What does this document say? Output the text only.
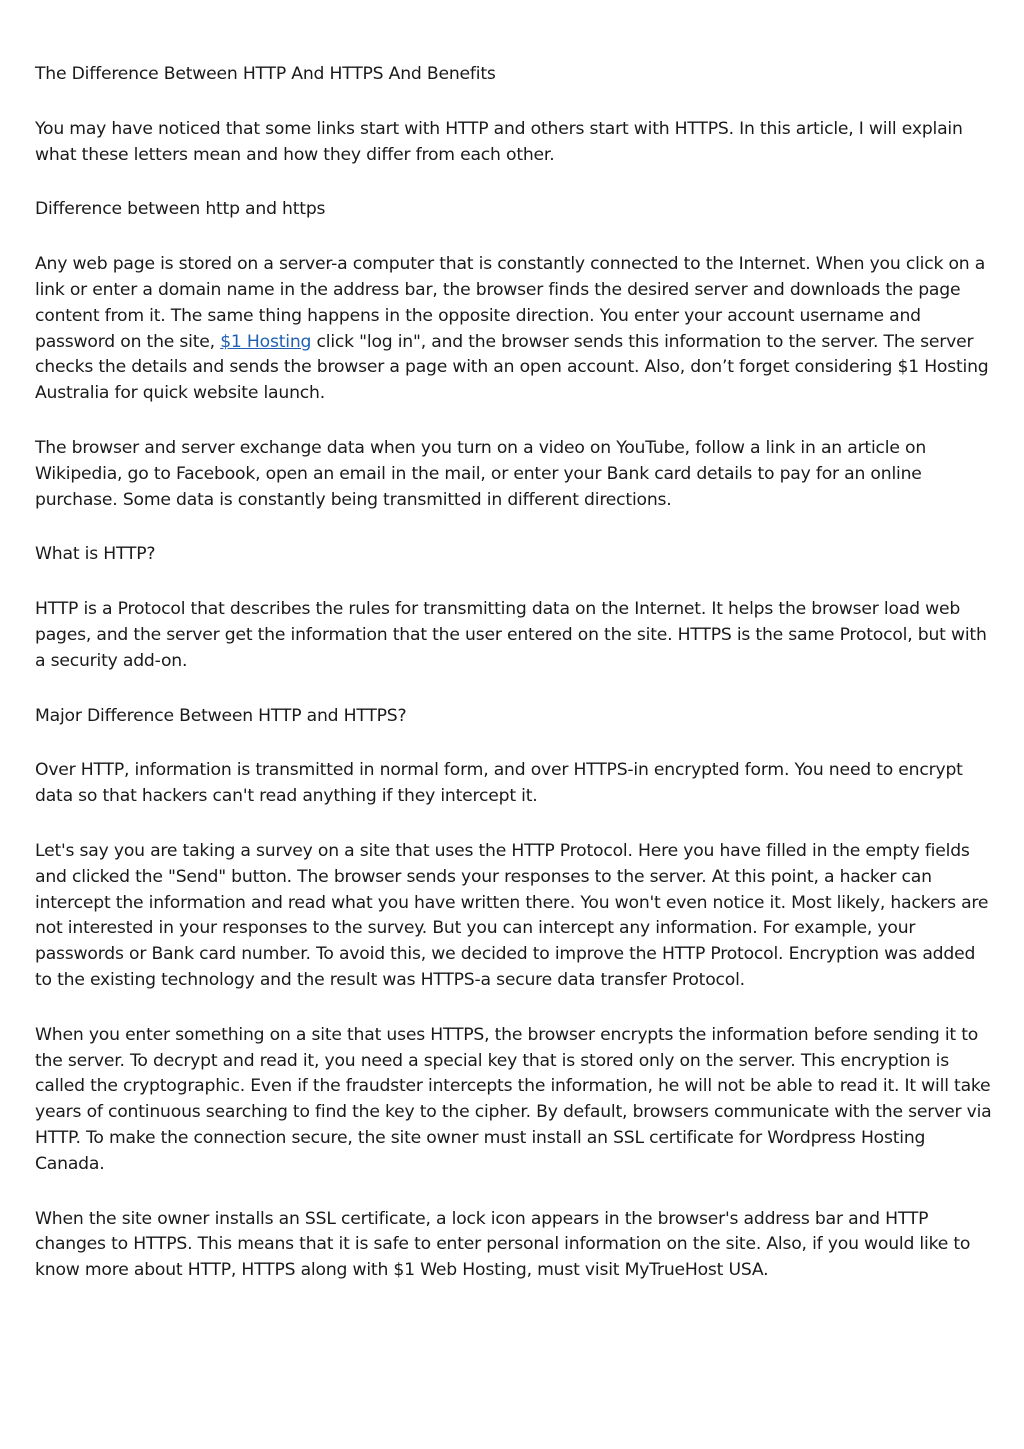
The Difference Between HTTP And HTTPS And Benefits

You may have noticed that some links start with HTTP and others start with HTTPS. In this article, I will explain what these letters mean and how they differ from each other.

Difference between http and https

Any web page is stored on a server-a computer that is constantly connected to the Internet. When you click on a link or enter a domain name in the address bar, the browser finds the desired server and downloads the page content from it. The same thing happens in the opposite direction. You enter your account username and password on the site, $1 Hosting click "log in", and the browser sends this information to the server. The server checks the details and sends the browser a page with an open account. Also, don’t forget considering $1 Hosting Australia for quick website launch.

The browser and server exchange data when you turn on a video on YouTube, follow a link in an article on Wikipedia, go to Facebook, open an email in the mail, or enter your Bank card details to pay for an online purchase. Some data is constantly being transmitted in different directions.

What is HTTP?

HTTP is a Protocol that describes the rules for transmitting data on the Internet. It helps the browser load web pages, and the server get the information that the user entered on the site. HTTPS is the same Protocol, but with a security add-on.

Major Difference Between HTTP and HTTPS?

Over HTTP, information is transmitted in normal form, and over HTTPS-in encrypted form. You need to encrypt data so that hackers can't read anything if they intercept it.

Let's say you are taking a survey on a site that uses the HTTP Protocol. Here you have filled in the empty fields and clicked the "Send" button. The browser sends your responses to the server. At this point, a hacker can intercept the information and read what you have written there. You won't even notice it. Most likely, hackers are not interested in your responses to the survey. But you can intercept any information. For example, your passwords or Bank card number. To avoid this, we decided to improve the HTTP Protocol. Encryption was added to the existing technology and the result was HTTPS-a secure data transfer Protocol.

When you enter something on a site that uses HTTPS, the browser encrypts the information before sending it to the server. To decrypt and read it, you need a special key that is stored only on the server. This encryption is called the cryptographic. Even if the fraudster intercepts the information, he will not be able to read it. It will take years of continuous searching to find the key to the cipher. By default, browsers communicate with the server via HTTP. To make the connection secure, the site owner must install an SSL certificate for Wordpress Hosting Canada.

When the site owner installs an SSL certificate, a lock icon appears in the browser's address bar and HTTP changes to HTTPS. This means that it is safe to enter personal information on the site. Also, if you would like to know more about HTTP, HTTPS along with $1 Web Hosting, must visit MyTrueHost USA.
